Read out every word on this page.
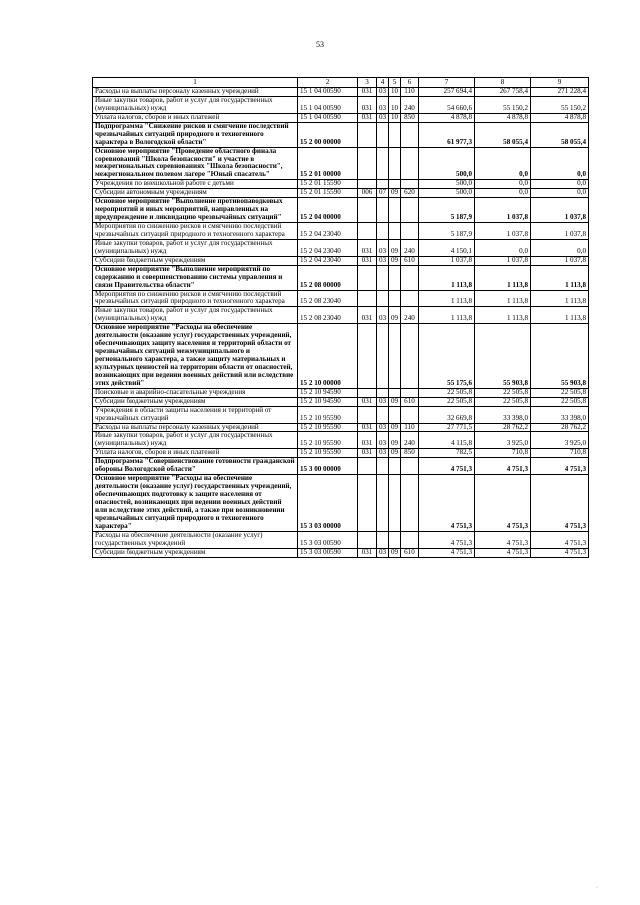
53
1	2	3	4	5	6	7	8	9
Расходы на выплаты персоналу казенных учреждений	15 1 04 00590	031	03	10	110	257 694,4	267 758,4	271 228,4
Иные закупки товаров, работ и услуг для государственных (муниципальных) нужд	15 1 04 00590	031	03	10	240	54 660,6	55 150,2	55 150,2
Уплата налогов, сборов и иных платежей	15 1 04 00590	031	03	10	850	4 878,8	4 878,8	4 878,8
Подпрограмма "Снижение рисков и смягчение последствий чрезвычайных ситуаций природного и техногенного характера в Вологодской области"	15 2 00 00000					61 977,3	58 055,4	58 055,4
Основное мероприятие "Проведение областного финала соревнований "Школа безопасности" и участие в межрегиональных соревнованиях "Школа безопасности", межрегиональном полевом лагере "Юный спасатель"	15 2 01 00000					500,0	0,0	0,0
Учреждения по внешкольной работе с детьми	15 2 01 15590					500,0	0,0	0,0
Субсидии автономным учреждениям	15 2 01 15590	006	07	09	620	500,0	0,0	0,0
Основное мероприятие "Выполнение противопаводковых мероприятий и иных мероприятий, направленных на предупреждение и ликвидацию чрезвычайных ситуаций"	15 2 04 00000					5 187,9	1 037,8	1 037,8
Мероприятия по снижению рисков и смягчению последствий чрезвычайных ситуаций природного и техногенного характера	15 2 04 23040					5 187,9	1 037,8	1 037,8
Иные закупки товаров, работ и услуг для государственных (муниципальных) нужд	15 2 04 23040	031	03	09	240	4 150,1	0,0	0,0
Субсидии бюджетным учреждениям	15 2 04 23040	031	03	09	610	1 037,8	1 037,8	1 037,8
Основное мероприятие "Выполнение мероприятий по содержанию и совершенствованию системы управления и связи Правительства области"	15 2 08 00000					1 113,8	1 113,8	1 113,8
Мероприятия по снижению рисков и смягчению последствий чрезвычайных ситуаций природного и техногенного характера	15 2 08 23040					1 113,8	1 113,8	1 113,8
Иные закупки товаров, работ и услуг для государственных (муниципальных) нужд	15 2 08 23040	031	03	09	240	1 113,8	1 113,8	1 113,8
Основное мероприятие "Расходы на обеспечение деятельности (оказание услуг) государственных учреждений, обеспечивающих защиту населения и территорий области от чрезвычайных ситуаций межмуниципального и регионального характера, а также защиту материальных и культурных ценностей на территории области от опасностей, возникающих при ведении военных действий или вследствие этих действий"	15 2 10 00000					55 175,6	55 903,8	55 903,8
Поисковые и аварийно-спасательные учреждения	15 2 10 94590					22 505,8	22 505,8	22 505,8
Субсидии бюджетным учреждениям	15 2 10 94590	031	03	09	610	22 505,8	22 505,8	22 505,8
Учреждения в области защиты населения и территорий от чрезвычайных ситуаций	15 2 10 95590					32 669,8	33 398,0	33 398,0
Расходы на выплаты персоналу казенных учреждений	15 2 10 95590	031	03	09	110	27 771,5	28 762,2	28 762,2
Иные закупки товаров, работ и услуг для государственных (муниципальных) нужд	15 2 10 95590	031	03	09	240	4 115,8	3 925,0	3 925,0
Уплата налогов, сборов и иных платежей	15 2 10 95590	031	03	09	850	782,5	710,8	710,8
Подпрограмма "Совершенствование готовности гражданской обороны Вологодской области"	15 3 00 00000					4 751,3	4 751,3	4 751,3
Основное мероприятие "Расходы на обеспечение деятельности (оказание услуг) государственных учреждений, обеспечивающих подготовку к защите населения от опасностей, возникающих при ведении военных действий или вследствие этих действий, а также при возникновении чрезвычайных ситуаций природного и техногенного характера"	15 3 03 00000					4 751,3	4 751,3	4 751,3
Расходы на обеспечение деятельности (оказание услуг) государственных учреждений	15 3 03 00590					4 751,3	4 751,3	4 751,3
Субсидии бюджетным учреждениям	15 3 03 00590	031	03	09	610	4 751,3	4 751,3	4 751,3
·
